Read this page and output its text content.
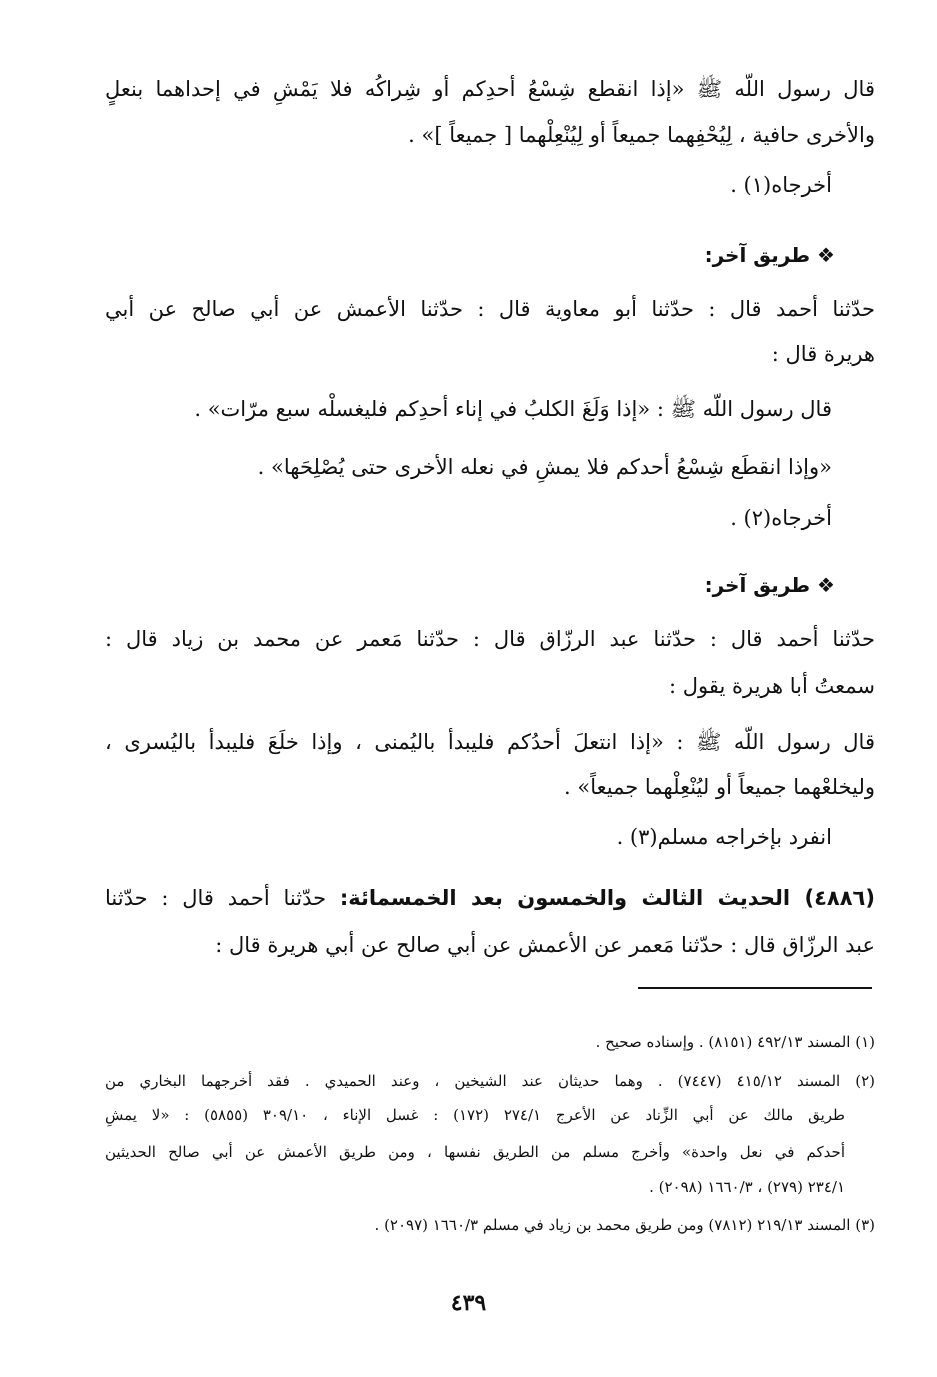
قال رسول اللّه ﷺ «إذا انقطع شِسْعُ أحدِكم أو شِراكُه فلا يَمْشِ في إحداهما بنعلٍ
والأخرى حافية ، لِيُحْفِهما جميعاً أو لِيُنْعِلْهما [ جميعاً ]» .
أخرجاه(١) .
❖ طريق آخر:
حدّثنا أحمد قال : حدّثنا أبو معاوية قال : حدّثنا الأعمش عن أبي صالح عن أبي
هريرة قال :
قال رسول اللّه ﷺ : «إذا وَلَغَ الكلبُ في إناء أحدِكم فليغسلْه سبع مرّات» .
«وإذا انقطَع شِسْعُ أحدكم فلا يمشِ في نعله الأخرى حتى يُصْلِحَها» .
أخرجاه(٢) .
❖ طريق آخر:
حدّثنا أحمد قال : حدّثنا عبد الرزّاق قال : حدّثنا مَعمر عن محمد بن زياد قال :
سمعتُ أبا هريرة يقول :
قال رسول اللّه ﷺ : «إذا انتعلَ أحدُكم فليبدأ باليُمنى ، وإذا خلَعَ فليبدأ باليُسرى ،
وليخلعْهما جميعاً أو ليُنْعِلْهما جميعاً» .
انفرد بإخراجه مسلم(٣) .
(٤٨٨٦) الحديث الثالث والخمسون بعد الخمسمائة: حدّثنا أحمد قال : حدّثنا
عبد الرزّاق قال : حدّثنا مَعمر عن الأعمش عن أبي صالح عن أبي هريرة قال :
(١) المسند ٤٩٢/١٣ (٨١٥١) . وإسناده صحيح .
(٢) المسند ٤١٥/١٢ (٧٤٤٧) . وهما حديثان عند الشيخين ، وعند الحميدي . فقد أخرجهما البخاري من
طريق مالك عن أبي الزِّناد عن الأعرج ٢٧٤/١ (١٧٢) : غسل الإناء ، ٣٠٩/١٠ (٥٨٥٥) : «لا يمشِ
أحدكم في نعل واحدة» وأخرج مسلم من الطريق نفسها ، ومن طريق الأعمش عن أبي صالح الحديثين
٢٣٤/١ (٢٧٩) ، ١٦٦٠/٣ (٢٠٩٨) .
(٣) المسند ٢١٩/١٣ (٧٨١٢) ومن طريق محمد بن زياد في مسلم ١٦٦٠/٣ (٢٠٩٧) .
٤٣٩
